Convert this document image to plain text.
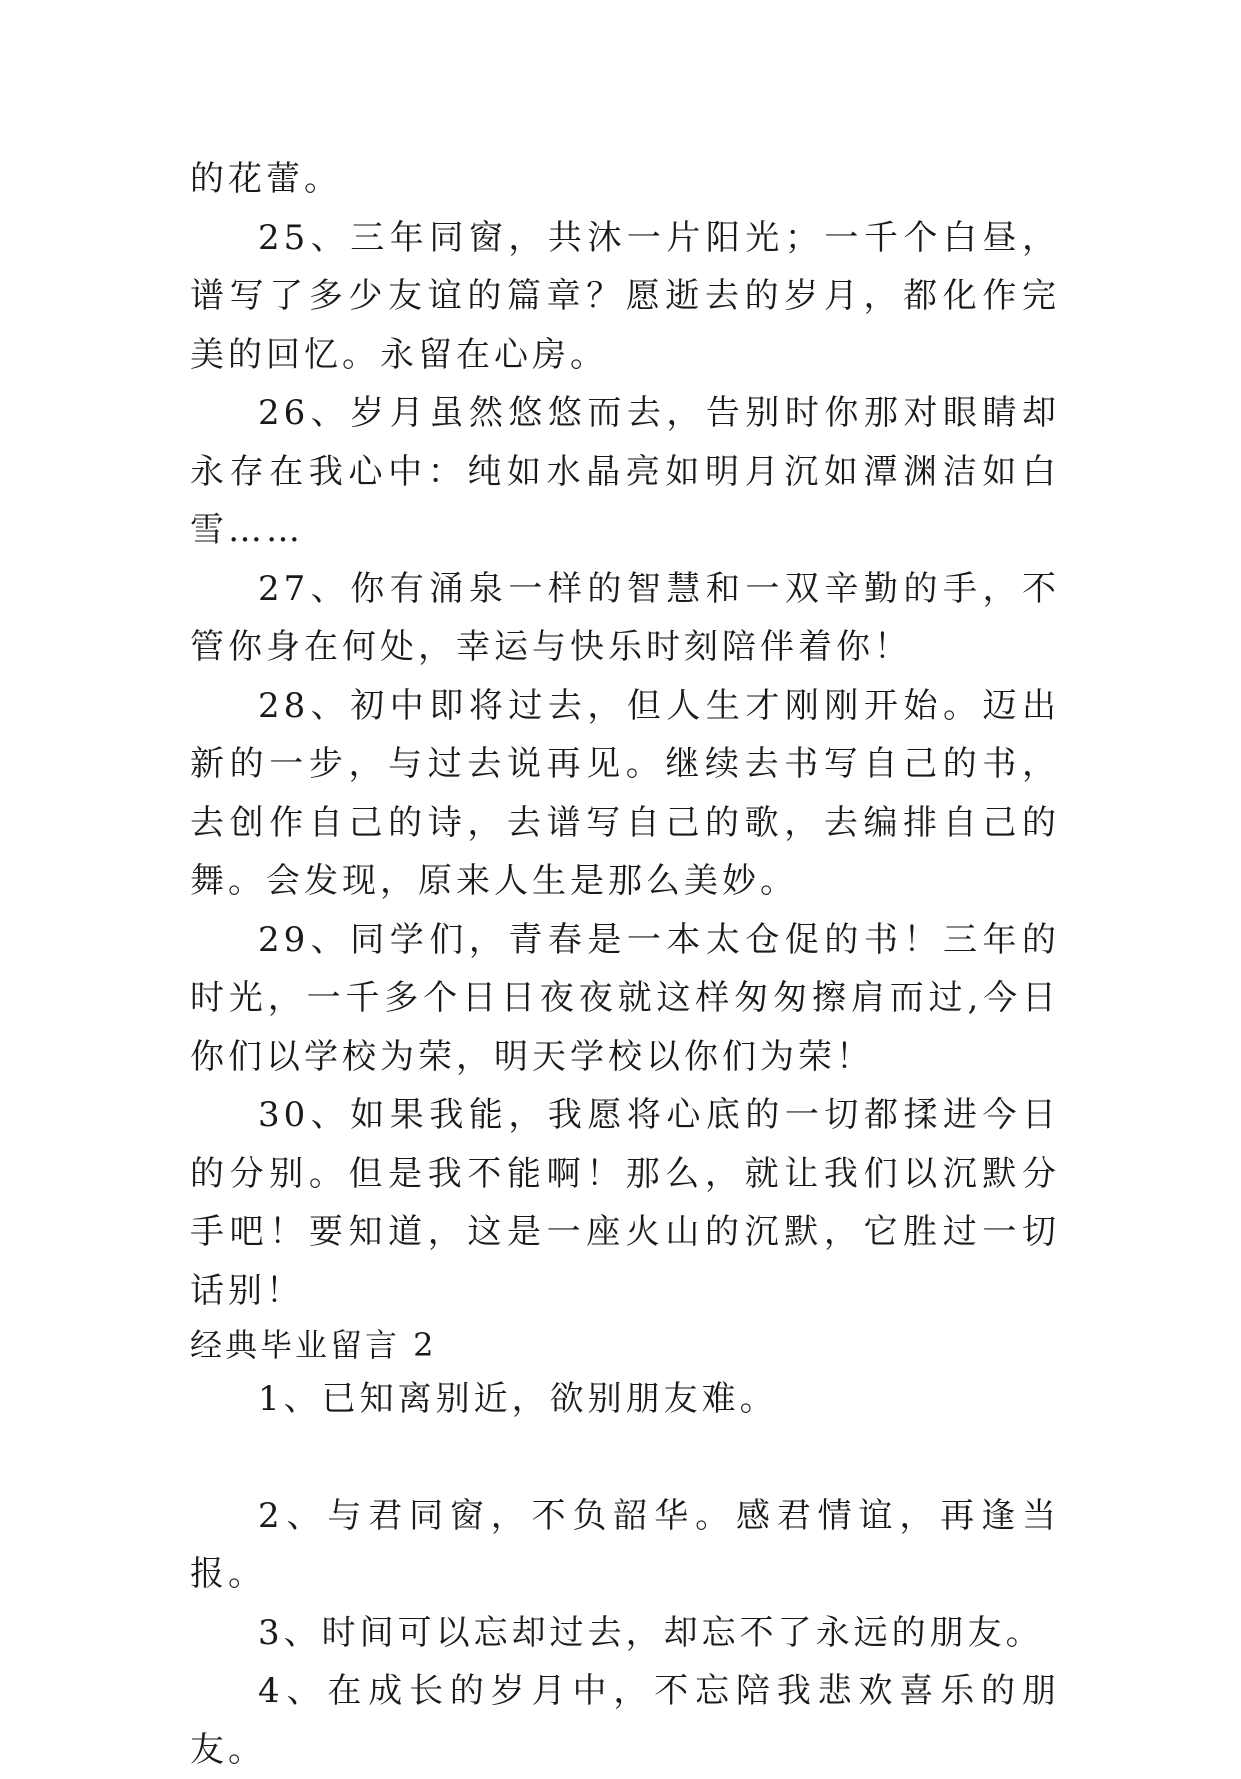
的花蕾。

25、三年同窗，共沐一片阳光；一千个白昼，谱写了多少友谊的篇章？愿逝去的岁月，都化作完美的回忆。永留在心房。

26、岁月虽然悠悠而去，告别时你那对眼睛却永存在我心中：纯如水晶亮如明月沉如潭渊洁如白雪……

27、你有涌泉一样的智慧和一双辛勤的手，不管你身在何处，幸运与快乐时刻陪伴着你！

28、初中即将过去，但人生才刚刚开始。迈出新的一步，与过去说再见。继续去书写自己的书，去创作自己的诗，去谱写自己的歌，去编排自己的舞。会发现，原来人生是那么美妙。

29、同学们，青春是一本太仓促的书！三年的时光，一千多个日日夜夜就这样匆匆擦肩而过,今日你们以学校为荣，明天学校以你们为荣！

30、如果我能，我愿将心底的一切都揉进今日的分别。但是我不能啊！那么，就让我们以沉默分手吧！要知道，这是一座火山的沉默，它胜过一切话别！

经典毕业留言 2

1、已知离别近，欲别朋友难。

2、与君同窗，不负韶华。感君情谊，再逢当报。

3、时间可以忘却过去，却忘不了永远的朋友。

4、在成长的岁月中，不忘陪我悲欢喜乐的朋友。
